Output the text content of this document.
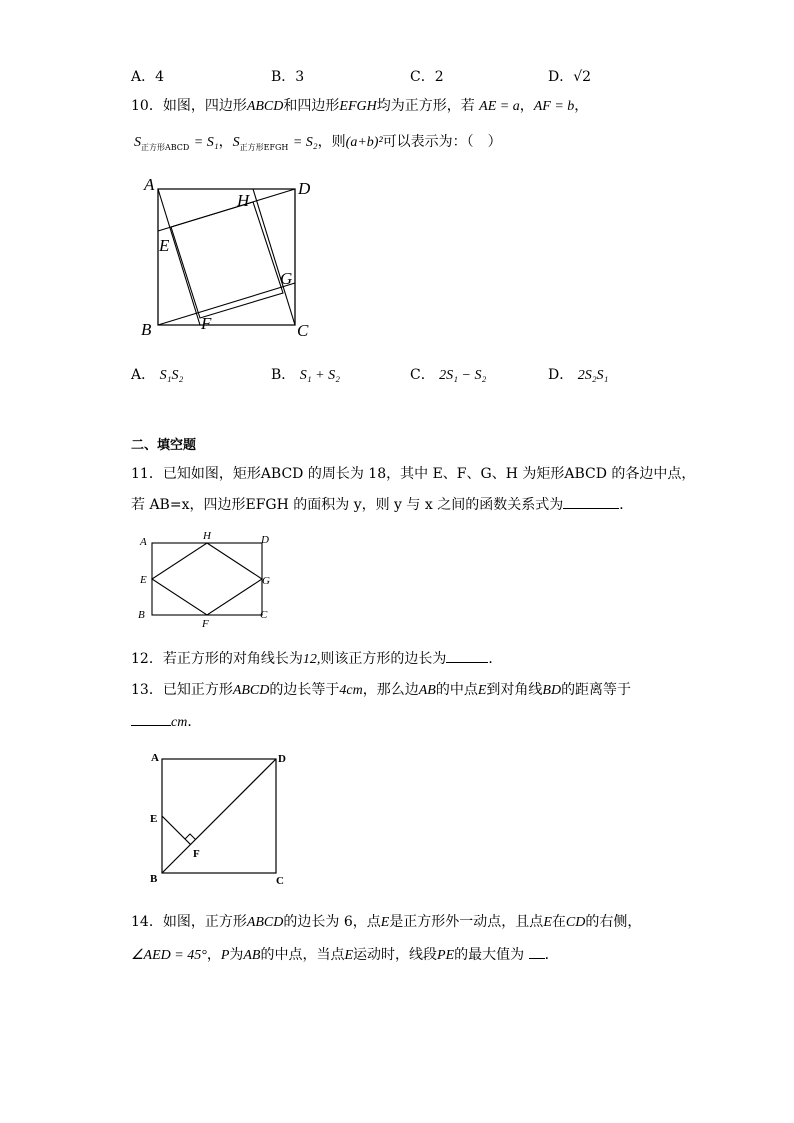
A．4	B．3	C．2	D．√2
10．如图，四边形ABCD和四边形EFGH均为正方形，若 AE = a，AF = b，
$S_{正方形ABCD} = S_1$，$S_{正方形EFGH} = S_2$，则(a+b)²可以表示为：（　）
A	D
B	C
E
H
G
F
A． S₁S₂	B． S₁ + S₂	C． 2S₁ − S₂	D． 2S₂S₁
二、填空题
11．已知如图，矩形ABCD 的周长为 18，其中 E、F、G、H 为矩形ABCD 的各边中点，
若 AB=x，四边形EFGH 的面积为 y，则 y 与 x 之间的函数关系式为	．
A	H	D
E	G
B	C
F
12．若正方形的对角线长为12,则该正方形的边长为	．
13．已知正方形ABCD的边长等于4cm，那么边AB的中点E到对角线BD的距离等于
cm．
A	D
E
F
B	C
14．如图，正方形ABCD的边长为 6，点E是正方形外一动点，且点E在CD的右侧，
∠AED = 45°，P为AB的中点，当点E运动时，线段PE的最大值为 ．
